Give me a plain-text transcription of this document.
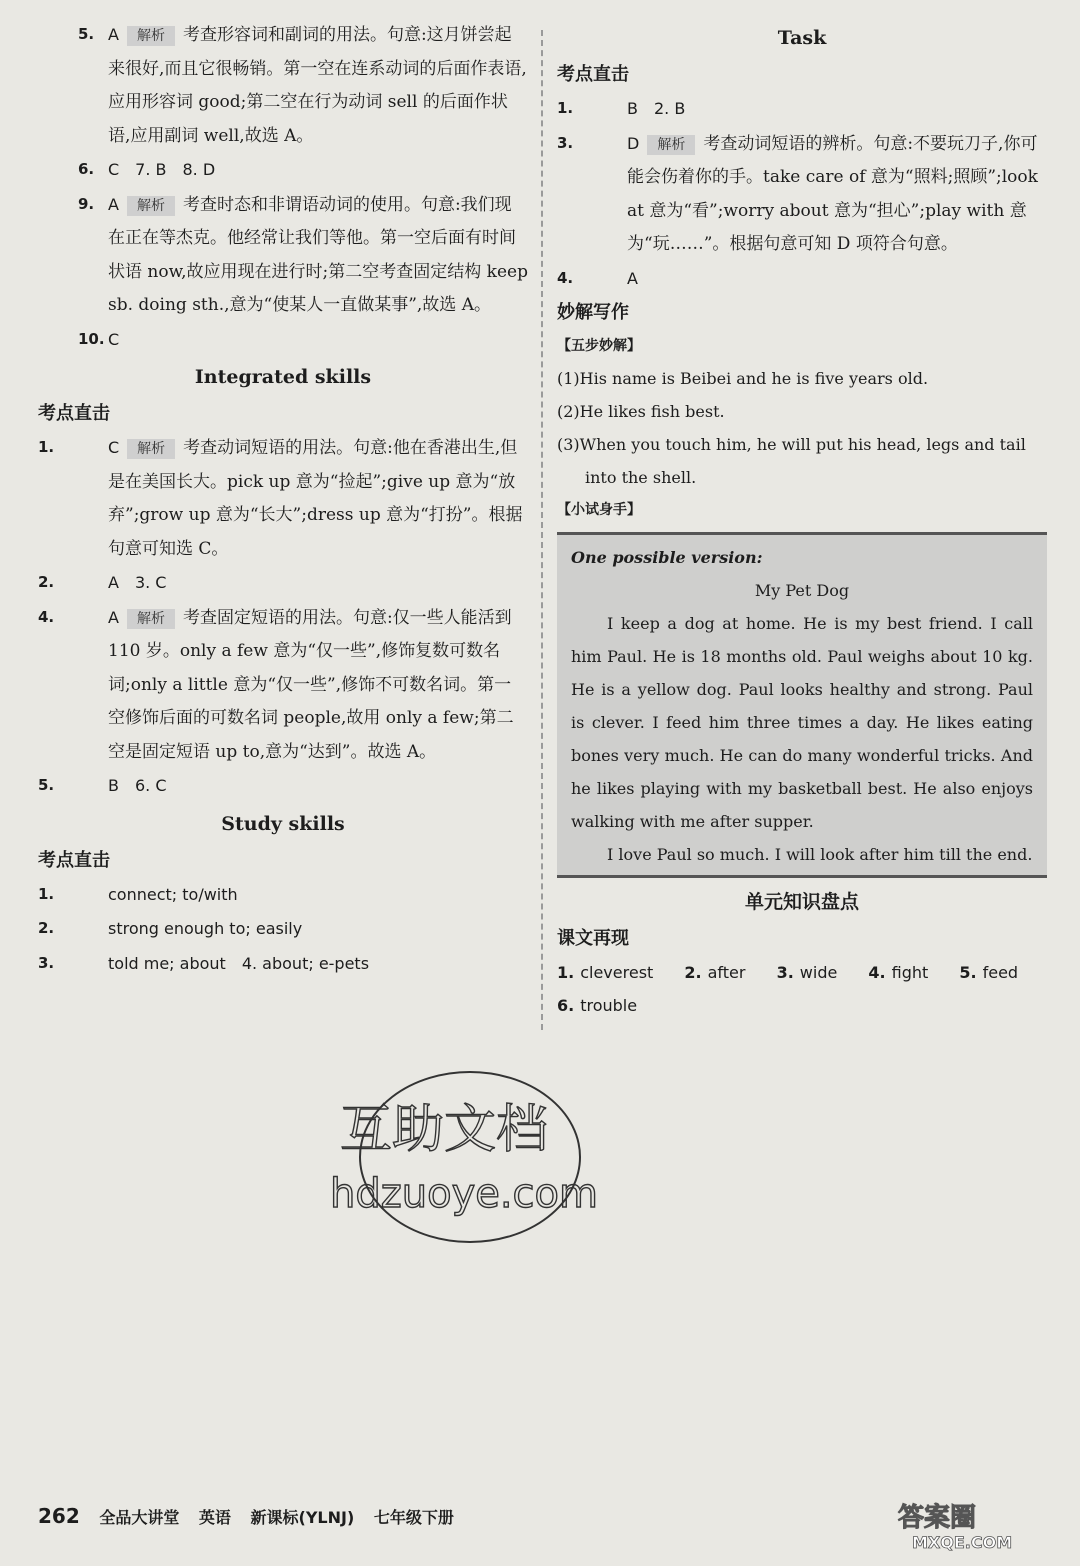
5. A 解析 考查形容词和副词的用法。句意:这月饼尝起来很好,而且它很畅销。第一空在连系动词的后面作表语,应用形容词 good;第二空在行为动词 sell 的后面作状语,应用副词 well,故选 A。
6. C　7. B　8. D
9. A 解析 考查时态和非谓语动词的使用。句意:我们现在正在等杰克。他经常让我们等他。第一空后面有时间状语 now,故应用现在进行时;第二空考查固定结构 keep sb. doing sth.,意为“使某人一直做某事”,故选 A。
10. C
Integrated skills
考点直击
1.	C 解析 考查动词短语的用法。句意:他在香港出生,但是在美国长大。pick up 意为“捡起”;give up 意为“放弃”;grow up 意为“长大”;dress up 意为“打扮”。根据句意可知选 C。
2.	A　3. C
4.	A 解析 考查固定短语的用法。句意:仅一些人能活到 110 岁。only a few 意为“仅一些”,修饰复数可数名词;only a little 意为“仅一些”,修饰不可数名词。第一空修饰后面的可数名词 people,故用 only a few;第二空是固定短语 up to,意为“达到”。故选 A。
5.	B　6. C
Study skills
考点直击
1.	connect; to/with
2.	strong enough to; easily
3.	told me; about　4. about; e-pets
Task
考点直击
1.	B　2. B
3.	D 解析 考查动词短语的辨析。句意:不要玩刀子,你可能会伤着你的手。take care of 意为“照料;照顾”;look at 意为“看”;worry about 意为“担心”;play with 意为“玩……”。根据句意可知 D 项符合句意。
4.	A
妙解写作
【五步妙解】
(1)His name is Beibei and he is five years old.
(2)He likes fish best.
(3)When you touch him, he will put his head, legs and tail into the shell.
【小试身手】
One possible version:
My Pet Dog

I keep a dog at home. He is my best friend. I call him Paul. He is 18 months old. Paul weighs about 10 kg. He is a yellow dog. Paul looks healthy and strong. Paul is clever. I feed him three times a day. He likes eating bones very much. He can do many wonderful tricks. And he likes playing with my basketball best. He also enjoys walking with me after supper.

I love Paul so much. I will look after him till the end.

单元知识盘点
课文再现
1. cleverest 2. after 3. wide 4. fight 5. feed
6. trouble
互助文档
hdzuoye.com
262 全品大讲堂 英语 新课标(YLNJ) 七年级下册	答案圈
MXQE.COM
